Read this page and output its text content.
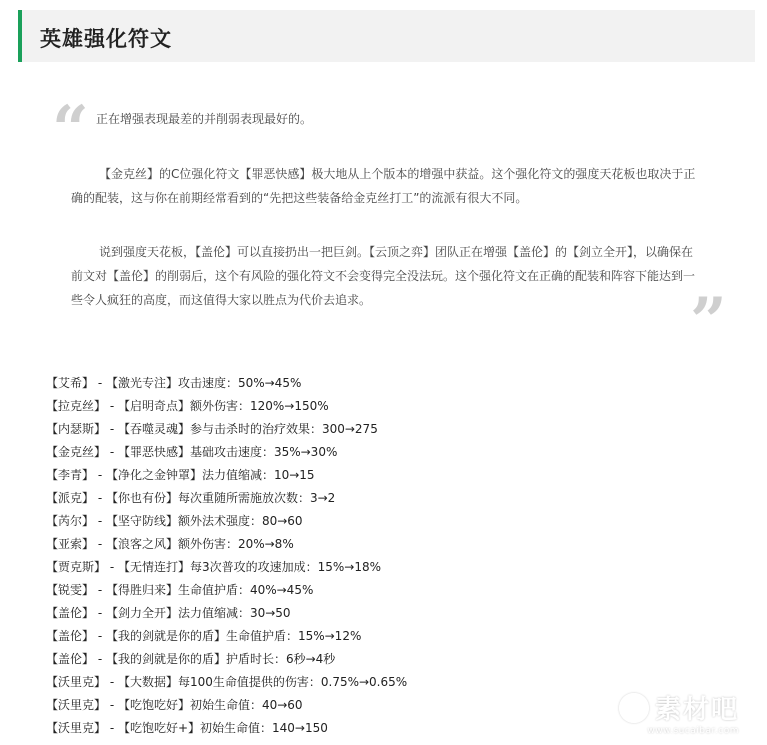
英雄强化符文
“ 正在增强表现最差的并削弱表现最好的。
【金克丝】的C位强化符文【罪恶快感】极大地从上个版本的增强中获益。这个强化符文的强度天花板也取决于正确的配装，这与你在前期经常看到的“先把这些装备给金克丝打工”的流派有很大不同。
说到强度天花板，【盖伦】可以直接扔出一把巨剑。【云顶之弈】团队正在增强【盖伦】的【剑立全开】，以确保在前文对【盖伦】的削弱后，这个有风险的强化符文不会变得完全没法玩。这个强化符文在正确的配装和阵容下能达到一些令人疯狂的高度，而这值得大家以胜点为代价去追求。	”
【艾希】 - 【激光专注】攻击速度：50%→45%
【拉克丝】 - 【启明奇点】额外伤害：120%→150%
【内瑟斯】 - 【吞噬灵魂】参与击杀时的治疗效果：300→275
【金克丝】 - 【罪恶快感】基础攻击速度：35%→30%
【李青】 - 【净化之金钟罩】法力值缩减：10→15
【派克】 - 【你也有份】每次重随所需施放次数：3→2
【芮尔】 - 【坚守防线】额外法术强度：80→60
【亚索】 - 【浪客之风】额外伤害：20%→8%
【贾克斯】 - 【无情连打】每3次普攻的攻速加成：15%→18%
【锐雯】 - 【得胜归来】生命值护盾：40%→45%
【盖伦】 - 【剑力全开】法力值缩减：30→50
【盖伦】 - 【我的剑就是你的盾】生命值护盾：15%→12%
【盖伦】 - 【我的剑就是你的盾】护盾时长：6秒→4秒
【沃里克】 - 【大数据】每100生命值提供的伤害：0.75%→0.65%
【沃里克】 - 【吃饱吃好】初始生命值：40→60
【沃里克】 - 【吃饱吃好+】初始生命值：140→150
素材吧
www.sucaibar.com
